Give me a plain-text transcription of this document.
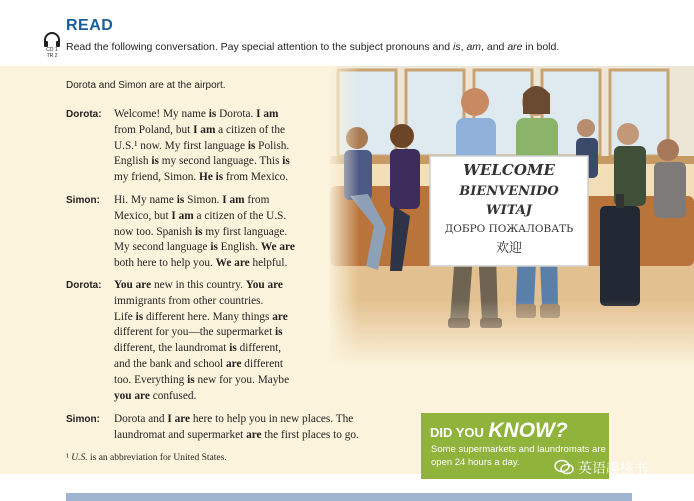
READ
CD 1
TR 2
Read the following conversation. Pay special attention to the subject pronouns and is, am, and are in bold.
Dorota and Simon are at the airport.
Dorota: Welcome! My name is Dorota. I am
from Poland, but I am a citizen of the
U.S.¹ now. My first language is Polish.
English is my second language. This is
my friend, Simon. He is from Mexico.
Simon: Hi. My name is Simon. I am from
Mexico, but I am a citizen of the U.S.
now too. Spanish is my first language.
My second language is English. We are
both here to help you. We are helpful.
Dorota: You are new in this country. You are
immigrants from other countries.
Life is different here. Many things are
different for you—the supermarket is
different, the laundromat is different,
and the bank and school are different
too. Everything is new for you. Maybe
you are confused.
Simon: Dorota and I are here to help you in new places. The
laundromat and supermarket are the first places to go.
¹ U.S. is an abbreviation for United States.
DID YOU KNOW?
Some supermarkets and laundromats are open 24 hours a day.	英语趣桃书
